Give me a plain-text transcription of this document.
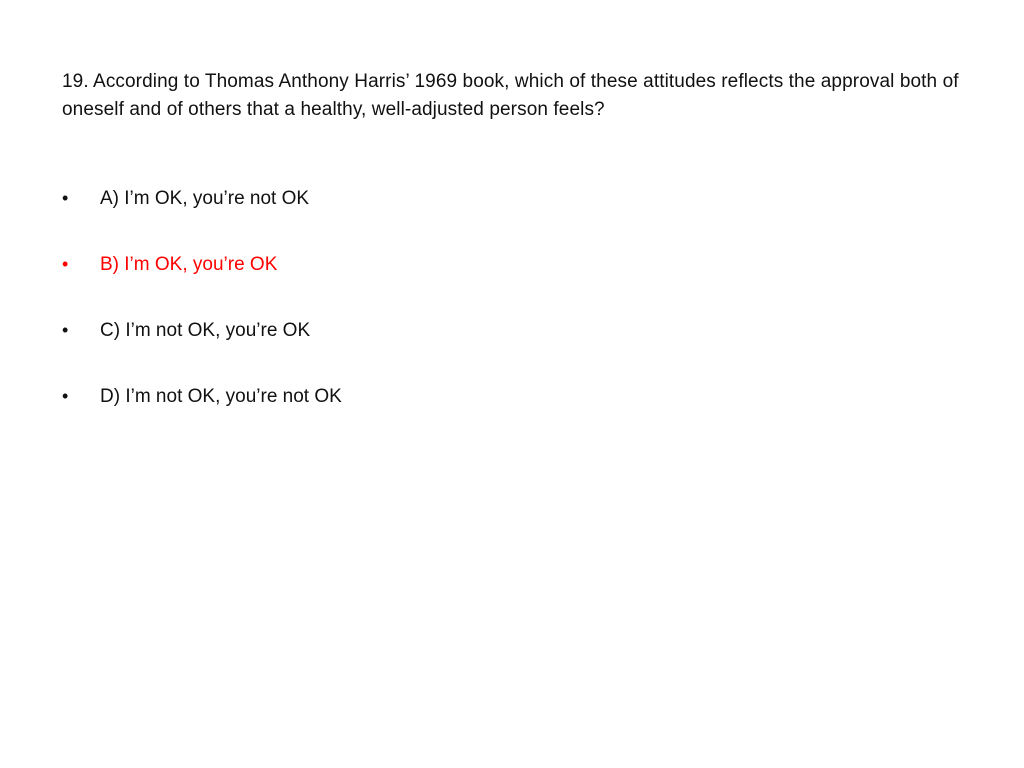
19. According to Thomas Anthony Harris’ 1969 book, which of these attitudes reflects the approval both of oneself and of others that a healthy, well-adjusted person feels?
•	A) I’m OK, you’re not OK
•	B) I’m OK, you’re OK
•	C) I’m not OK, you’re OK
•	D) I’m not OK, you’re not OK
